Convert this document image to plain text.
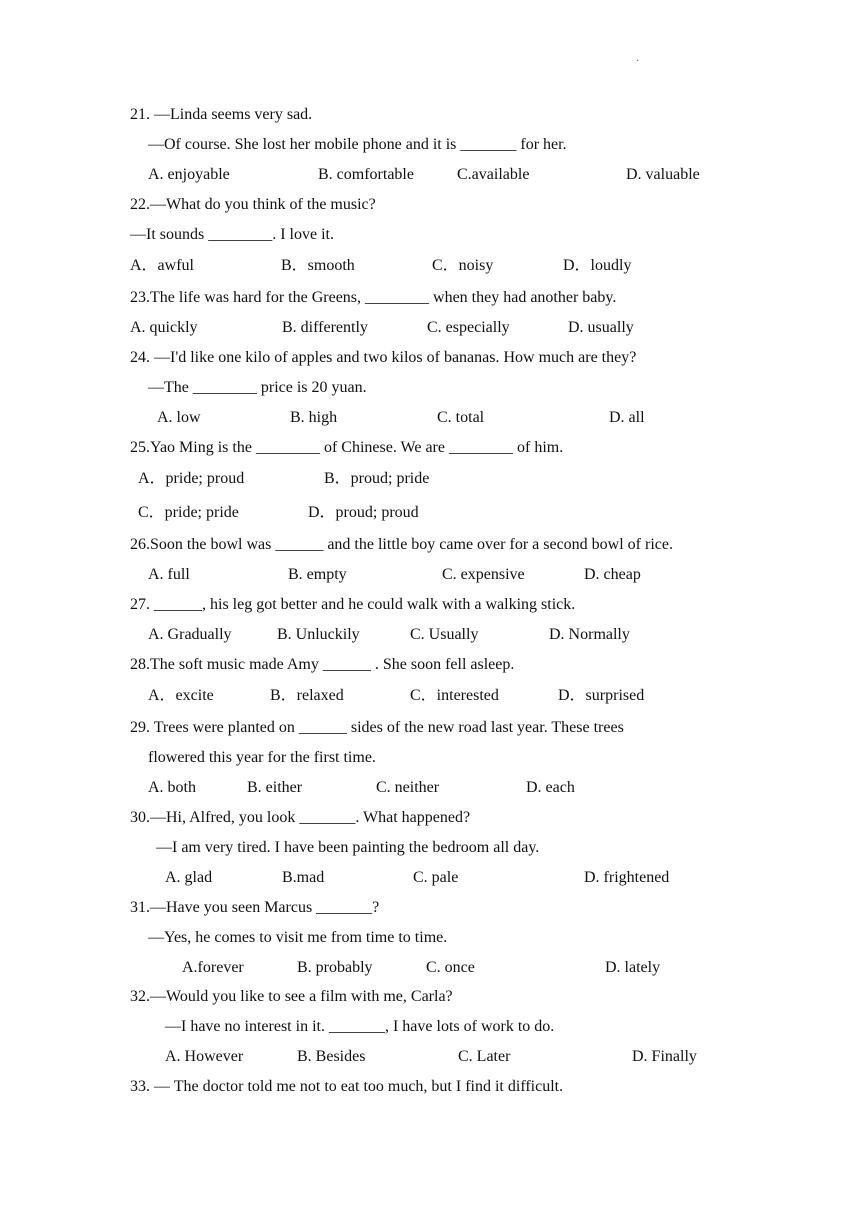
·
21. —Linda seems very sad.
—Of course. She lost her mobile phone and it is _______ for her.
A. enjoyable	B. comfortable	C.available	D. valuable
22.—What do you think of the music?
—It sounds ________. I love it.
A．awful	B．smooth	C．noisy	D．loudly
23.The life was hard for the Greens, ________ when they had another baby.
A. quickly	B. differently	C. especially	D. usually
24. —I'd like one kilo of apples and two kilos of bananas. How much are they?
—The ________ price is 20 yuan.
A. low	B. high	C. total	D. all
25.Yao Ming is the ________ of Chinese. We are ________ of him.
A．pride; proud	B．proud; pride
C．pride; pride	D．proud; proud
26.Soon the bowl was ______ and the little boy came over for a second bowl of rice.
A. full	B. empty	C. expensive	D. cheap
27. ______, his leg got better and he could walk with a walking stick.
A. Gradually	B. Unluckily	C. Usually	D. Normally
28.The soft music made Amy ______ . She soon fell asleep.
A．excite	B．relaxed	C．interested	D．surprised
29. Trees were planted on ______ sides of the new road last year. These trees
flowered this year for the first time.
A. both	B. either	C. neither	D. each
30.—Hi, Alfred, you look _______. What happened?
—I am very tired. I have been painting the bedroom all day.
A. glad	B.mad	C. pale	D. frightened
31.—Have you seen Marcus _______?
—Yes, he comes to visit me from time to time.
A.forever	B. probably	C. once	D. lately
32.—Would you like to see a film with me, Carla?
—I have no interest in it. _______, I have lots of work to do.
A. However	B. Besides	C. Later	D. Finally
33. — The doctor told me not to eat too much, but I find it difficult.
